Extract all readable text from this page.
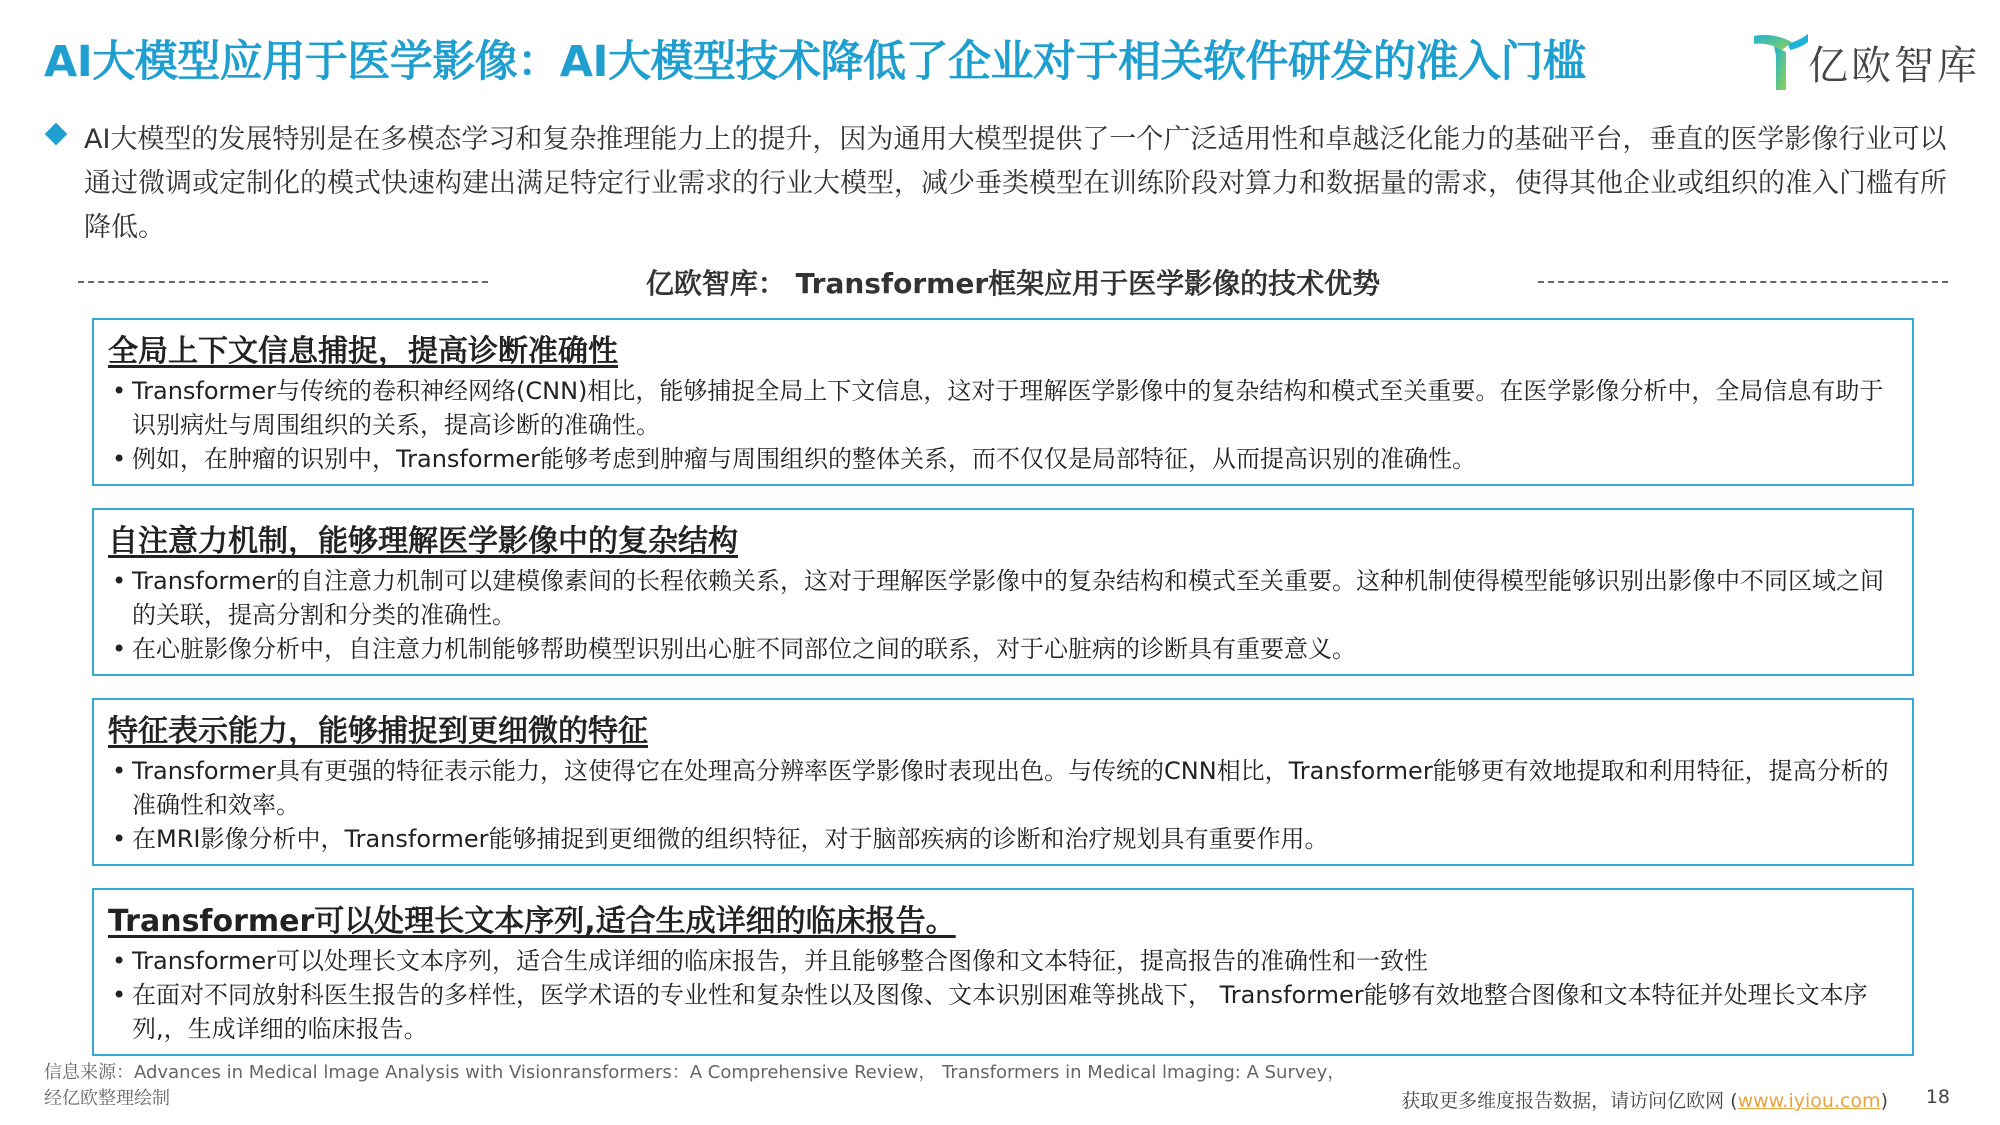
AI大模型应用于医学影像：AI大模型技术降低了企业对于相关软件研发的准入门槛	亿欧智库
AI大模型的发展特别是在多模态学习和复杂推理能力上的提升，因为通用大模型提供了一个广泛适用性和卓越泛化能力的基础平台，垂直的医学影像行业可以通过微调或定制化的模式快速构建出满足特定行业需求的行业大模型，减少垂类模型在训练阶段对算力和数据量的需求，使得其他企业或组织的准入门槛有所降低。
亿欧智库： Transformer框架应用于医学影像的技术优势
全局上下文信息捕捉，提高诊断准确性
• Transformer与传统的卷积神经网络(CNN)相比，能够捕捉全局上下文信息，这对于理解医学影像中的复杂结构和模式至关重要。在医学影像分析中，全局信息有助于识别病灶与周围组织的关系，提高诊断的准确性。
• 例如，在肿瘤的识别中，Transformer能够考虑到肿瘤与周围组织的整体关系，而不仅仅是局部特征，从而提高识别的准确性。
自注意力机制，能够理解医学影像中的复杂结构
• Transformer的自注意力机制可以建模像素间的长程依赖关系，这对于理解医学影像中的复杂结构和模式至关重要。这种机制使得模型能够识别出影像中不同区域之间的关联，提高分割和分类的准确性。
• 在心脏影像分析中，自注意力机制能够帮助模型识别出心脏不同部位之间的联系，对于心脏病的诊断具有重要意义。
特征表示能力，能够捕捉到更细微的特征
• Transformer具有更强的特征表示能力，这使得它在处理高分辨率医学影像时表现出色。与传统的CNN相比，Transformer能够更有效地提取和利用特征，提高分析的准确性和效率。
• 在MRI影像分析中，Transformer能够捕捉到更细微的组织特征，对于脑部疾病的诊断和治疗规划具有重要作用。
Transformer可以处理长文本序列,适合生成详细的临床报告。
• Transformer可以处理长文本序列，适合生成详细的临床报告，并且能够整合图像和文本特征，提高报告的准确性和一致性
• 在面对不同放射科医生报告的多样性，医学术语的专业性和复杂性以及图像、文本识别困难等挑战下， Transformer能够有效地整合图像和文本特征并处理长文本序列,，生成详细的临床报告。
信息来源：Advances in Medical lmage Analysis with Visionransformers：A Comprehensive Review， Transformers in Medical lmaging: A Survey，
经亿欧整理绘制	获取更多维度报告数据，请访问亿欧网 (www.iyiou.com) 18
